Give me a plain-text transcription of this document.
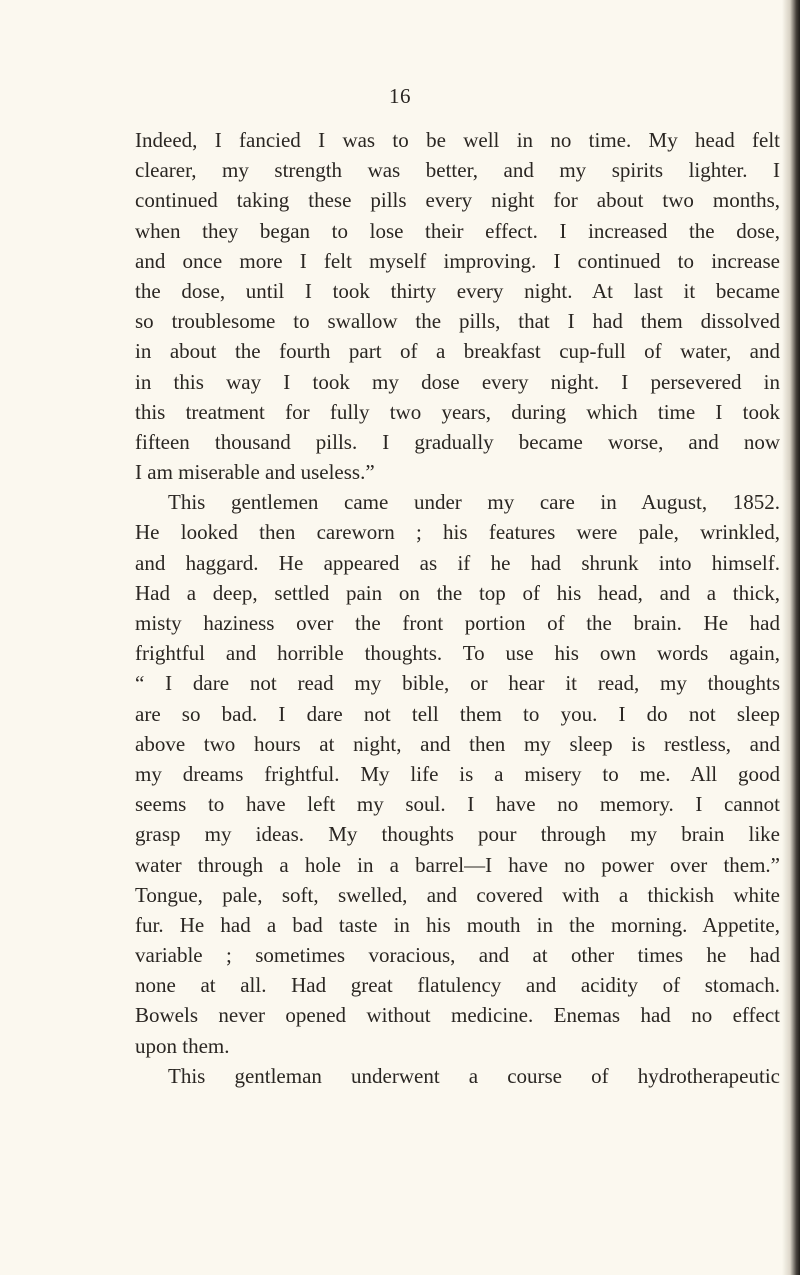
16
Indeed, I fancied I was to be well in no time. My head felt
clearer, my strength was better, and my spirits lighter. I
continued taking these pills every night for about two months,
when they began to lose their effect. I increased the dose,
and once more I felt myself improving. I continued to increase
the dose, until I took thirty every night. At last it became
so troublesome to swallow the pills, that I had them dissolved
in about the fourth part of a breakfast cup-full of water, and
in this way I took my dose every night. I persevered in
this treatment for fully two years, during which time I took
fifteen thousand pills. I gradually became worse, and now
I am miserable and useless.”
This gentlemen came under my care in August, 1852.
He looked then careworn ; his features were pale, wrinkled,
and haggard. He appeared as if he had shrunk into himself.
Had a deep, settled pain on the top of his head, and a thick,
misty haziness over the front portion of the brain. He had
frightful and horrible thoughts. To use his own words again,
“ I dare not read my bible, or hear it read, my thoughts
are so bad. I dare not tell them to you. I do not sleep
above two hours at night, and then my sleep is restless, and
my dreams frightful. My life is a misery to me. All good
seems to have left my soul. I have no memory. I cannot
grasp my ideas. My thoughts pour through my brain like
water through a hole in a barrel—I have no power over them.”
Tongue, pale, soft, swelled, and covered with a thickish white
fur. He had a bad taste in his mouth in the morning. Appetite,
variable ; sometimes voracious, and at other times he had
none at all. Had great flatulency and acidity of stomach.
Bowels never opened without medicine. Enemas had no effect
upon them.
This gentleman underwent a course of hydrotherapeutic
